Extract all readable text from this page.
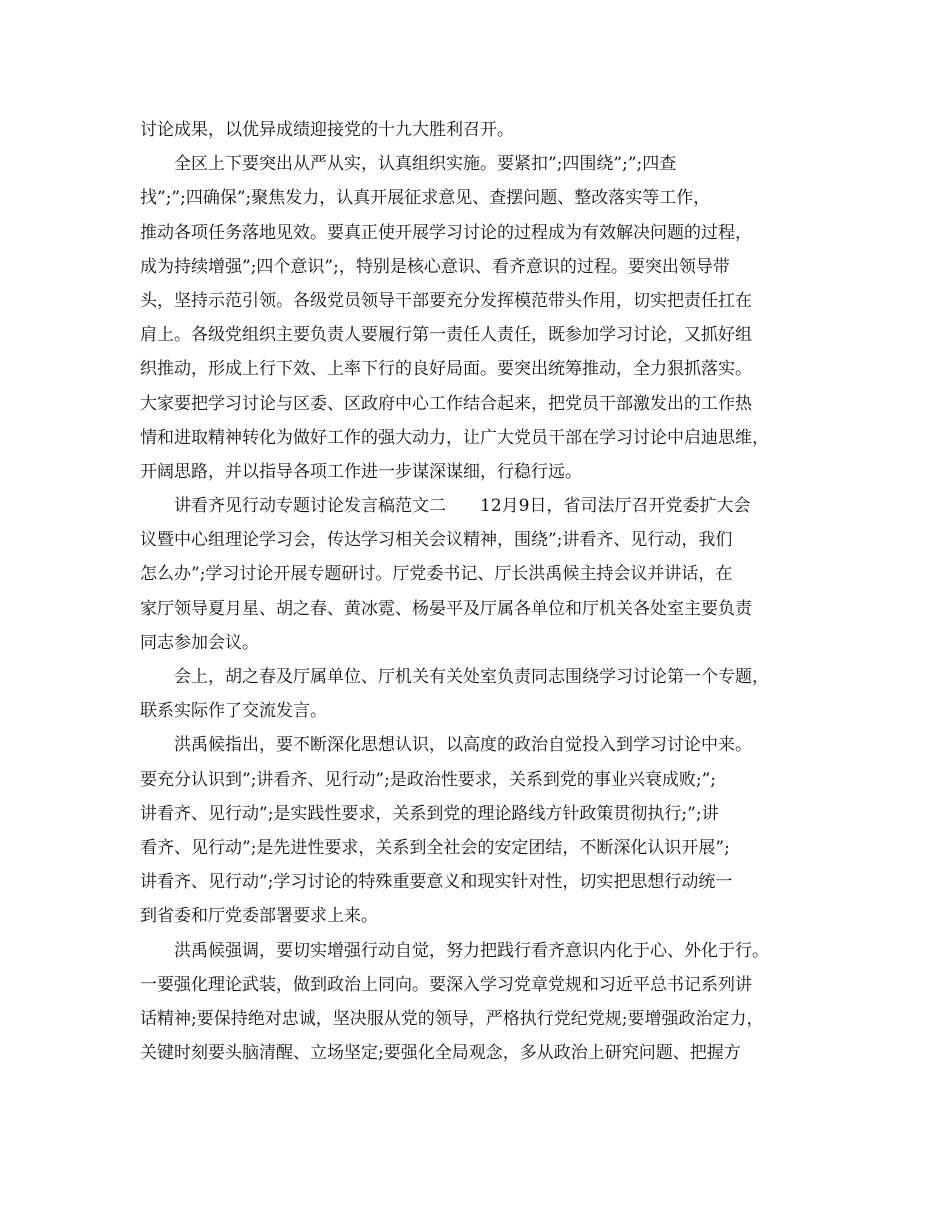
讨论成果，以优异成绩迎接党的十九大胜利召开。
全区上下要突出从严从实，认真组织实施。要紧扣”;四围绕”;”;四查
找”;”;四确保”;聚焦发力，认真开展征求意见、查摆问题、整改落实等工作，
推动各项任务落地见效。要真正使开展学习讨论的过程成为有效解决问题的过程，
成为持续增强”;四个意识”;，特别是核心意识、看齐意识的过程。要突出领导带
头，坚持示范引领。各级党员领导干部要充分发挥模范带头作用，切实把责任扛在
肩上。各级党组织主要负责人要履行第一责任人责任，既参加学习讨论，又抓好组
织推动，形成上行下效、上率下行的良好局面。要突出统筹推动，全力狠抓落实。
大家要把学习讨论与区委、区政府中心工作结合起来，把党员干部激发出的工作热
情和进取精神转化为做好工作的强大动力，让广大党员干部在学习讨论中启迪思维，
开阔思路，并以指导各项工作进一步谋深谋细，行稳行远。
讲看齐见行动专题讨论发言稿范文二　　12月9日，省司法厅召开党委扩大会
议暨中心组理论学习会，传达学习相关会议精神，围绕”;讲看齐、见行动，我们
怎么办”;学习讨论开展专题研讨。厅党委书记、厅长洪禹候主持会议并讲话，在
家厅领导夏月星、胡之春、黄冰霓、杨晏平及厅属各单位和厅机关各处室主要负责
同志参加会议。
会上，胡之春及厅属单位、厅机关有关处室负责同志围绕学习讨论第一个专题，
联系实际作了交流发言。
洪禹候指出，要不断深化思想认识，以高度的政治自觉投入到学习讨论中来。
要充分认识到”;讲看齐、见行动”;是政治性要求，关系到党的事业兴衰成败;”;
讲看齐、见行动”;是实践性要求，关系到党的理论路线方针政策贯彻执行;”;讲
看齐、见行动”;是先进性要求，关系到全社会的安定团结，不断深化认识开展”;
讲看齐、见行动”;学习讨论的特殊重要意义和现实针对性，切实把思想行动统一
到省委和厅党委部署要求上来。
洪禹候强调，要切实增强行动自觉，努力把践行看齐意识内化于心、外化于行。
一要强化理论武装，做到政治上同向。要深入学习党章党规和习近平总书记系列讲
话精神;要保持绝对忠诚，坚决服从党的领导，严格执行党纪党规;要增强政治定力，
关键时刻要头脑清醒、立场坚定;要强化全局观念，多从政治上研究问题、把握方
